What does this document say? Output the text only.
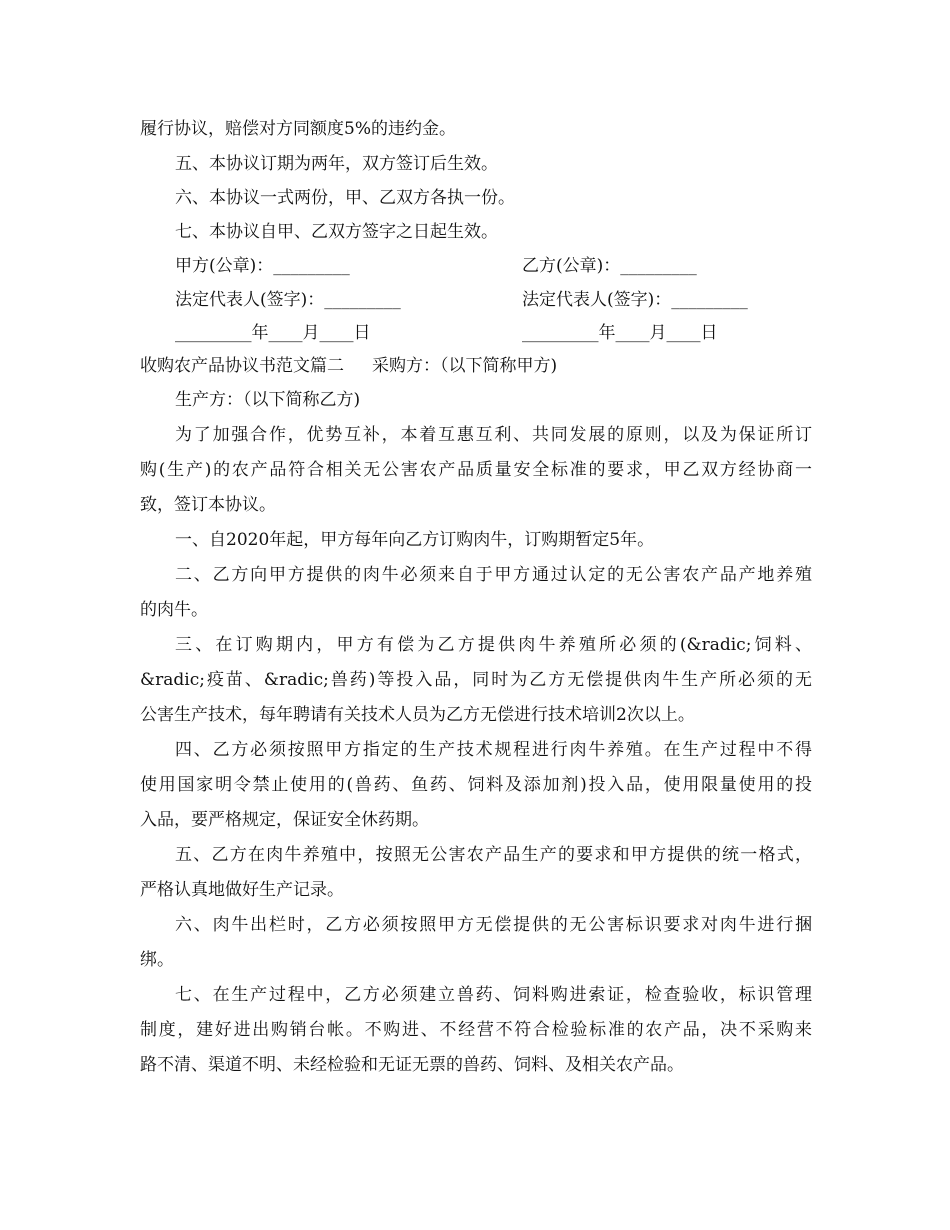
履行协议，赔偿对方同额度5%的违约金。
五、本协议订期为两年，双方签订后生效。
六、本协议一式两份，甲、乙双方各执一份。
七、本协议自甲、乙双方签字之日起生效。
甲方(公章)：_________	乙方(公章)：_________
法定代表人(签字)：_________	法定代表人(签字)：_________
_________年____月____日	_________年____月____日
收购农产品协议书范文篇二 采购方：（以下简称甲方)
生产方：（以下简称乙方)
为了加强合作，优势互补，本着互惠互利、共同发展的原则，以及为保证所订
购(生产)的农产品符合相关无公害农产品质量安全标准的要求，甲乙双方经协商一
致，签订本协议。
一、自2020年起，甲方每年向乙方订购肉牛，订购期暂定5年。
二、乙方向甲方提供的肉牛必须来自于甲方通过认定的无公害农产品产地养殖
的肉牛。
三、在订购期内，甲方有偿为乙方提供肉牛养殖所必须的(&radic;饲料、
&radic;疫苗、&radic;兽药)等投入品，同时为乙方无偿提供肉牛生产所必须的无
公害生产技术，每年聘请有关技术人员为乙方无偿进行技术培训2次以上。
四、乙方必须按照甲方指定的生产技术规程进行肉牛养殖。在生产过程中不得
使用国家明令禁止使用的(兽药、鱼药、饲料及添加剂)投入品，使用限量使用的投
入品，要严格规定，保证安全休药期。
五、乙方在肉牛养殖中，按照无公害农产品生产的要求和甲方提供的统一格式，
严格认真地做好生产记录。
六、肉牛出栏时，乙方必须按照甲方无偿提供的无公害标识要求对肉牛进行捆
绑。
七、在生产过程中，乙方必须建立兽药、饲料购进索证，检查验收，标识管理
制度，建好进出购销台帐。不购进、不经营不符合检验标准的农产品，决不采购来
路不清、渠道不明、未经检验和无证无票的兽药、饲料、及相关农产品。
